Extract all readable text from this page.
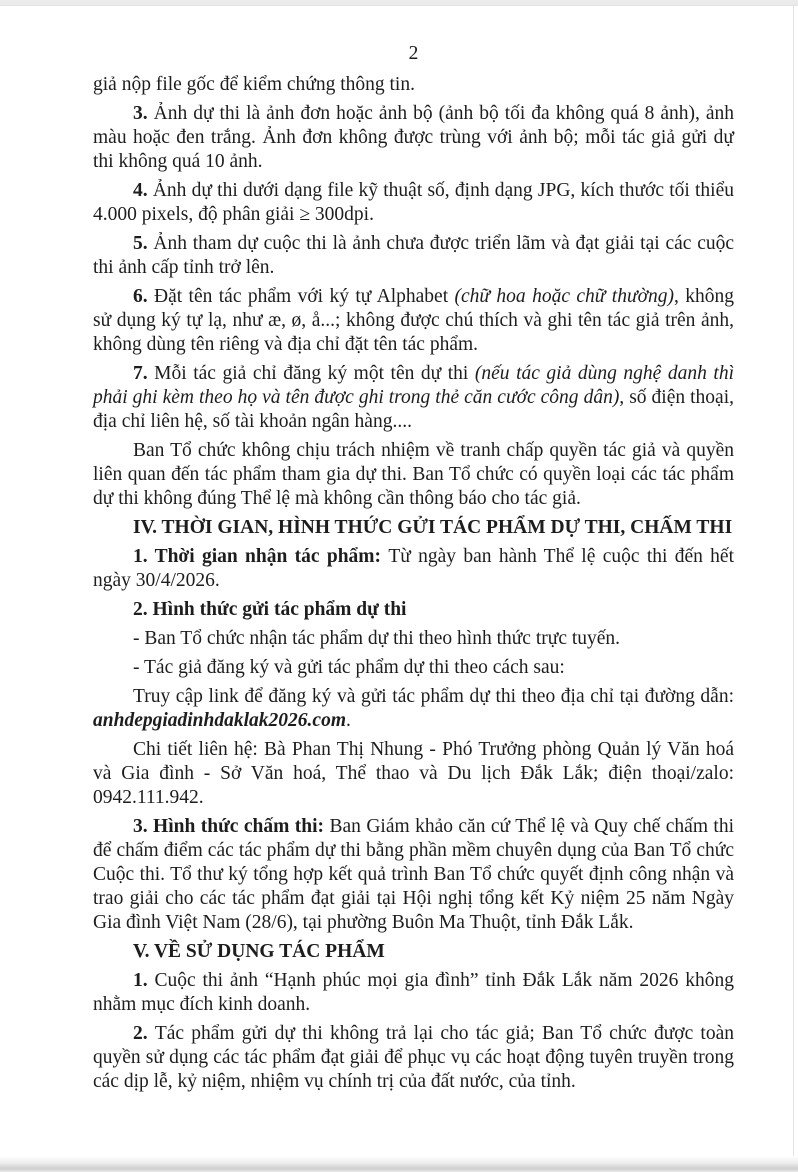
2

giả nộp file gốc để kiểm chứng thông tin.

3. Ảnh dự thi là ảnh đơn hoặc ảnh bộ (ảnh bộ tối đa không quá 8 ảnh), ảnh màu hoặc đen trắng. Ảnh đơn không được trùng với ảnh bộ; mỗi tác giả gửi dự thi không quá 10 ảnh.

4. Ảnh dự thi dưới dạng file kỹ thuật số, định dạng JPG, kích thước tối thiểu 4.000 pixels, độ phân giải ≥ 300dpi.

5. Ảnh tham dự cuộc thi là ảnh chưa được triển lãm và đạt giải tại các cuộc thi ảnh cấp tỉnh trở lên.

6. Đặt tên tác phẩm với ký tự Alphabet (chữ hoa hoặc chữ thường), không sử dụng ký tự lạ, như æ, ø, å...; không được chú thích và ghi tên tác giả trên ảnh, không dùng tên riêng và địa chỉ đặt tên tác phẩm.

7. Mỗi tác giả chỉ đăng ký một tên dự thi (nếu tác giả dùng nghệ danh thì phải ghi kèm theo họ và tên được ghi trong thẻ căn cước công dân), số điện thoại, địa chỉ liên hệ, số tài khoản ngân hàng....

Ban Tổ chức không chịu trách nhiệm về tranh chấp quyền tác giả và quyền liên quan đến tác phẩm tham gia dự thi. Ban Tổ chức có quyền loại các tác phẩm dự thi không đúng Thể lệ mà không cần thông báo cho tác giả.

IV. THỜI GIAN, HÌNH THỨC GỬI TÁC PHẨM DỰ THI, CHẤM THI

1. Thời gian nhận tác phẩm: Từ ngày ban hành Thể lệ cuộc thi đến hết ngày 30/4/2026.

2. Hình thức gửi tác phẩm dự thi

- Ban Tổ chức nhận tác phẩm dự thi theo hình thức trực tuyến.

- Tác giả đăng ký và gửi tác phẩm dự thi theo cách sau:

Truy cập link để đăng ký và gửi tác phẩm dự thi theo địa chỉ tại đường dẫn: anhdepgiadinhdaklak2026.com.

Chi tiết liên hệ: Bà Phan Thị Nhung - Phó Trưởng phòng Quản lý Văn hoá và Gia đình - Sở Văn hoá, Thể thao và Du lịch Đắk Lắk; điện thoại/zalo: 0942.111.942.

3. Hình thức chấm thi: Ban Giám khảo căn cứ Thể lệ và Quy chế chấm thi để chấm điểm các tác phẩm dự thi bằng phần mềm chuyên dụng của Ban Tổ chức Cuộc thi. Tổ thư ký tổng hợp kết quả trình Ban Tổ chức quyết định công nhận và trao giải cho các tác phẩm đạt giải tại Hội nghị tổng kết Kỷ niệm 25 năm Ngày Gia đình Việt Nam (28/6), tại phường Buôn Ma Thuột, tỉnh Đắk Lắk.

V. VỀ SỬ DỤNG TÁC PHẨM

1. Cuộc thi ảnh “Hạnh phúc mọi gia đình” tỉnh Đắk Lắk năm 2026 không nhằm mục đích kinh doanh.

2. Tác phẩm gửi dự thi không trả lại cho tác giả; Ban Tổ chức được toàn quyền sử dụng các tác phẩm đạt giải để phục vụ các hoạt động tuyên truyền trong các dịp lễ, kỷ niệm, nhiệm vụ chính trị của đất nước, của tỉnh.
